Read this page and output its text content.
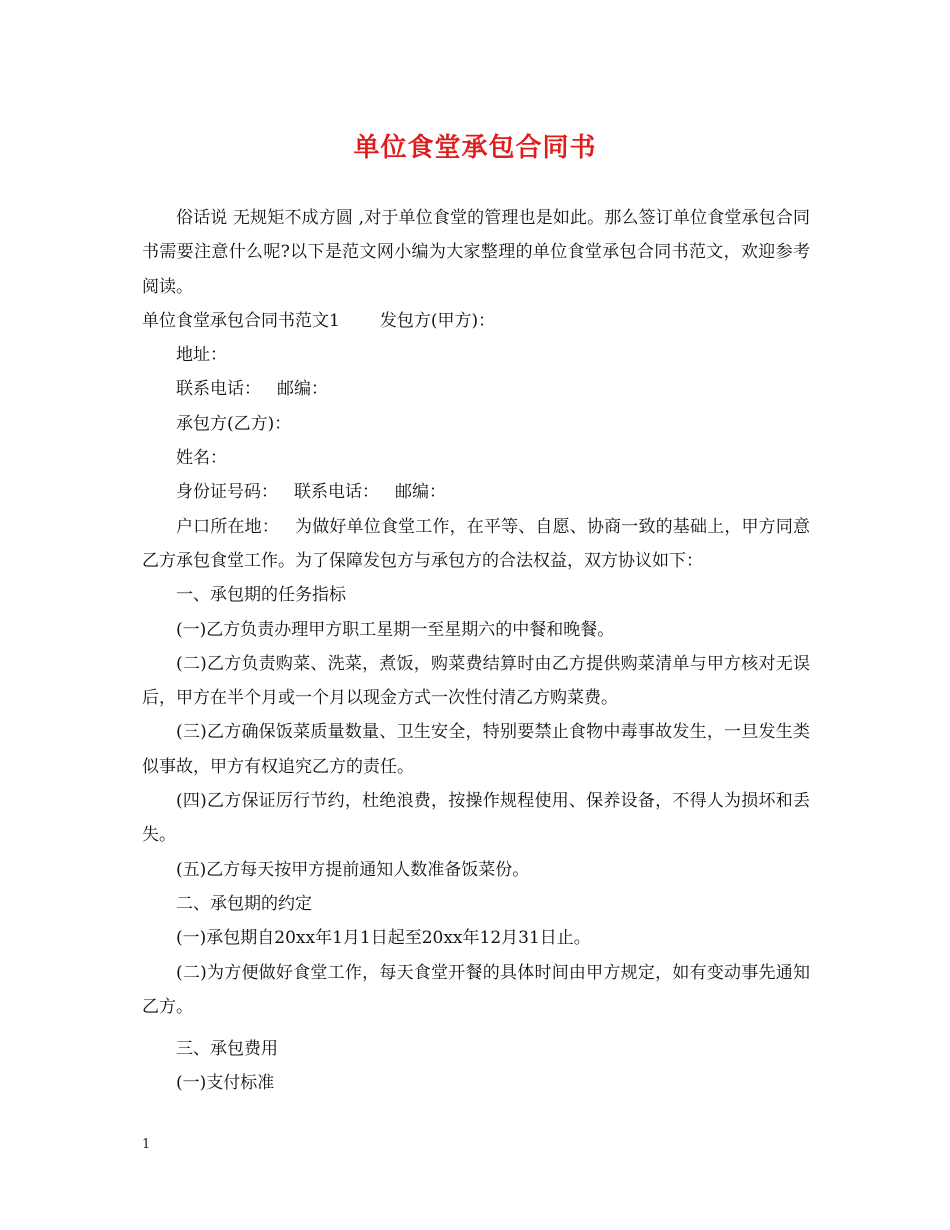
单位食堂承包合同书

俗话说 无规矩不成方圆 ,对于单位食堂的管理也是如此。那么签订单位食堂承包合同书需要注意什么呢?以下是范文网小编为大家整理的单位食堂承包合同书范文，欢迎参考阅读。

单位食堂承包合同书范文1 发包方(甲方)：

地址：

联系电话： 邮编：

承包方(乙方)：

姓名：

身份证号码： 联系电话： 邮编：

户口所在地： 为做好单位食堂工作，在平等、自愿、协商一致的基础上，甲方同意乙方承包食堂工作。为了保障发包方与承包方的合法权益，双方协议如下：

一、承包期的任务指标

(一)乙方负责办理甲方职工星期一至星期六的中餐和晚餐。

(二)乙方负责购菜、洗菜，煮饭，购菜费结算时由乙方提供购菜清单与甲方核对无误后，甲方在半个月或一个月以现金方式一次性付清乙方购菜费。

(三)乙方确保饭菜质量数量、卫生安全，特别要禁止食物中毒事故发生，一旦发生类似事故，甲方有权追究乙方的责任。

(四)乙方保证厉行节约，杜绝浪费，按操作规程使用、保养设备，不得人为损坏和丢失。

(五)乙方每天按甲方提前通知人数准备饭菜份。

二、承包期的约定

(一)承包期自20xx年1月1日起至20xx年12月31日止。

(二)为方便做好食堂工作，每天食堂开餐的具体时间由甲方规定，如有变动事先通知乙方。

三、承包费用

(一)支付标准

1
